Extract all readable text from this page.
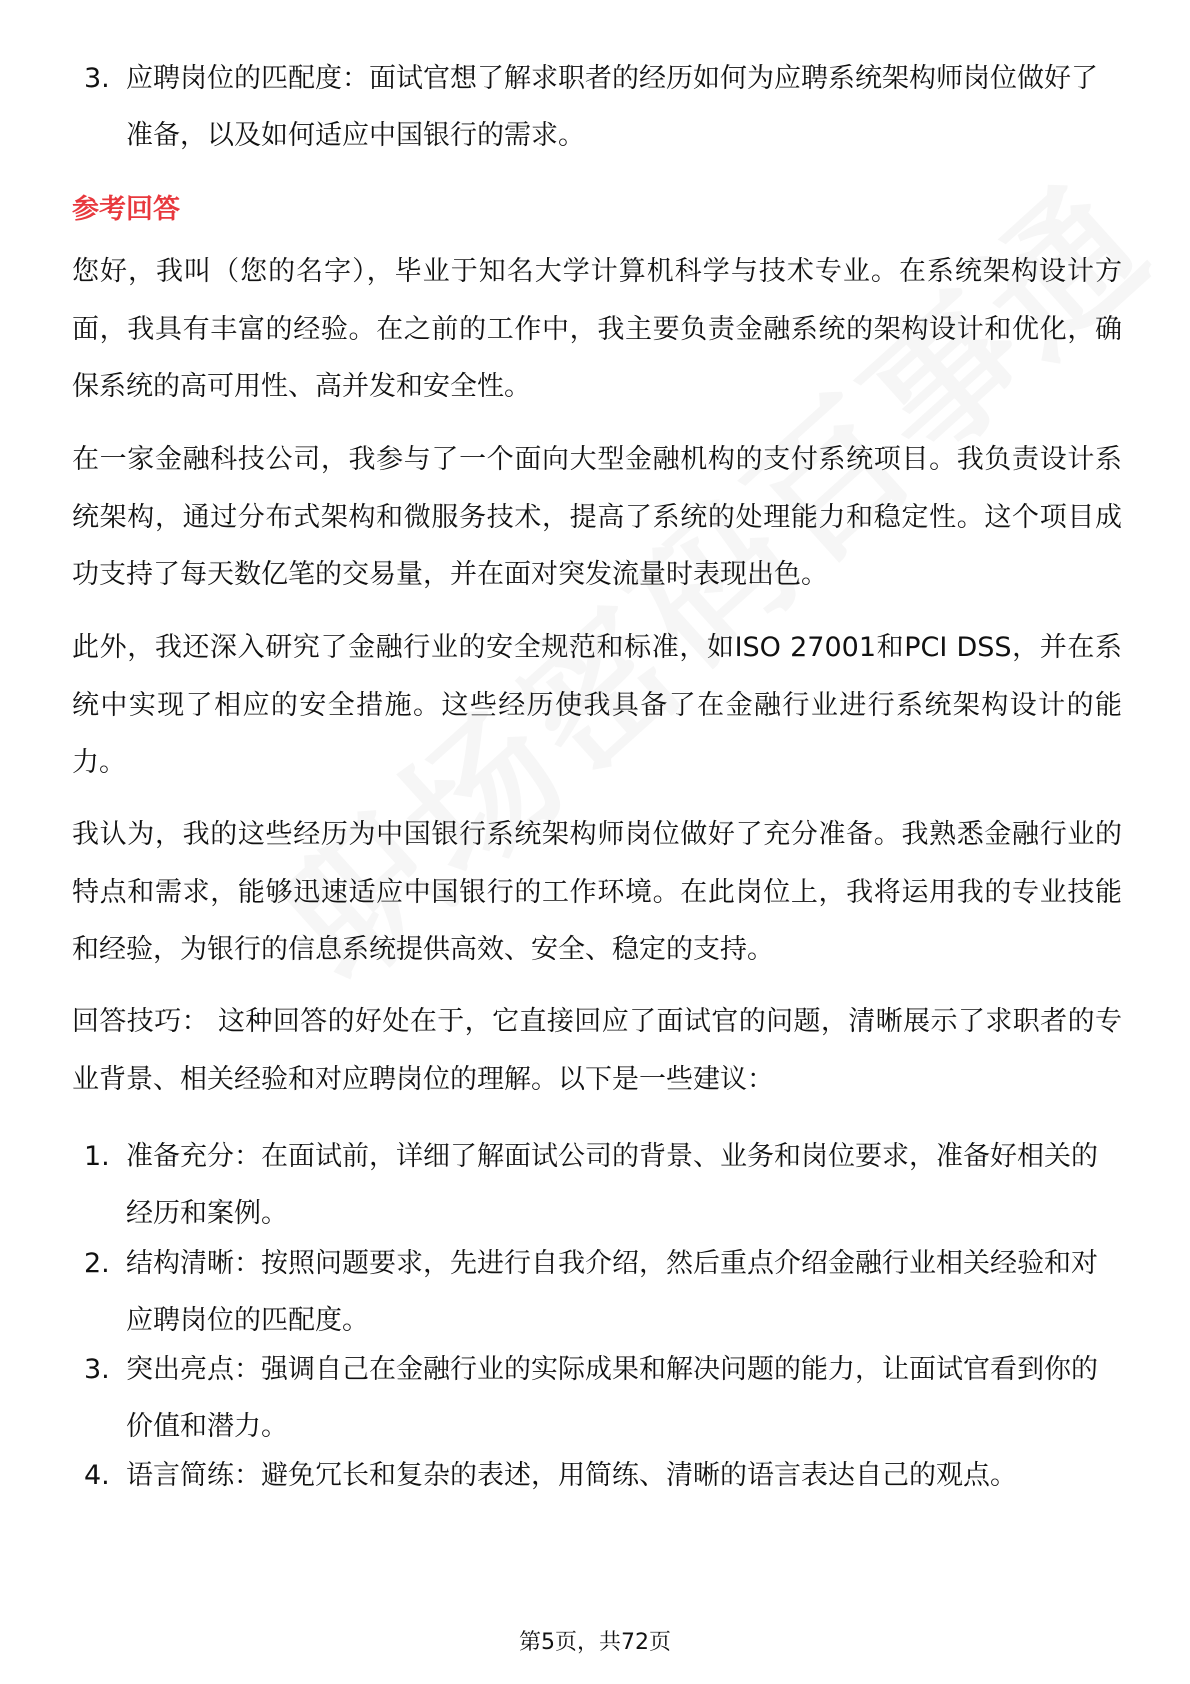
3. 应聘岗位的匹配度：面试官想了解求职者的经历如何为应聘系统架构师岗位做好了准备，以及如何适应中国银行的需求。
参考回答
您好，我叫（您的名字），毕业于知名大学计算机科学与技术专业。在系统架构设计方面，我具有丰富的经验。在之前的工作中，我主要负责金融系统的架构设计和优化，确保系统的高可用性、高并发和安全性。
在一家金融科技公司，我参与了一个面向大型金融机构的支付系统项目。我负责设计系统架构，通过分布式架构和微服务技术，提高了系统的处理能力和稳定性。这个项目成功支持了每天数亿笔的交易量，并在面对突发流量时表现出色。
此外，我还深入研究了金融行业的安全规范和标准，如ISO 27001和PCI DSS，并在系统中实现了相应的安全措施。这些经历使我具备了在金融行业进行系统架构设计的能力。
我认为，我的这些经历为中国银行系统架构师岗位做好了充分准备。我熟悉金融行业的特点和需求，能够迅速适应中国银行的工作环境。在此岗位上，我将运用我的专业技能和经验，为银行的信息系统提供高效、安全、稳定的支持。
回答技巧： 这种回答的好处在于，它直接回应了面试官的问题，清晰展示了求职者的专业背景、相关经验和对应聘岗位的理解。以下是一些建议：
1. 准备充分：在面试前，详细了解面试公司的背景、业务和岗位要求，准备好相关的经历和案例。
2. 结构清晰：按照问题要求，先进行自我介绍，然后重点介绍金融行业相关经验和对应聘岗位的匹配度。
3. 突出亮点：强调自己在金融行业的实际成果和解决问题的能力，让面试官看到你的价值和潜力。
4. 语言简练：避免冗长和复杂的表述，用简练、清晰的语言表达自己的观点。
第5页，共72页
